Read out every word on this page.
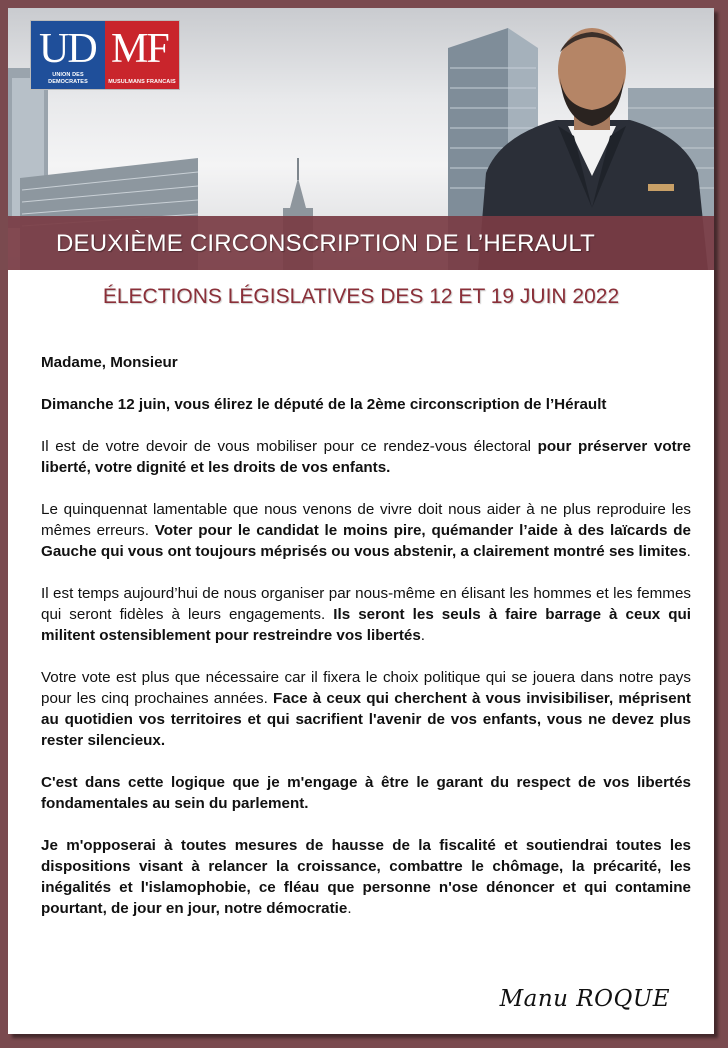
UD
UNION DES DEMOCRATES
MF
MUSULMANS FRANCAIS
DEUXIÈME CIRCONSCRIPTION DE L’HERAULT
ÉLECTIONS LÉGISLATIVES DES 12 ET 19 JUIN 2022

Madame, Monsieur

Dimanche 12 juin, vous élirez le député de la 2ème circonscription de l’Hérault

Il est de votre devoir de vous mobiliser pour ce rendez-vous électoral pour préserver votre liberté, votre dignité et les droits de vos enfants.

Le quinquennat lamentable que nous venons de vivre doit nous aider à ne plus reproduire les mêmes erreurs. Voter pour le candidat le moins pire, quémander l’aide à des laïcards de Gauche qui vous ont toujours méprisés ou vous abstenir, a clairement montré ses limites.

Il est temps aujourd’hui de nous organiser par nous-même en élisant les hommes et les femmes qui seront fidèles à leurs engagements. Ils seront les seuls à faire barrage à ceux qui militent ostensiblement pour restreindre vos libertés.

Votre vote est plus que nécessaire car il fixera le choix politique qui se jouera dans notre pays pour les cinq prochaines années. Face à ceux qui cherchent à vous invisibiliser, méprisent au quotidien vos territoires et qui sacrifient l'avenir de vos enfants, vous ne devez plus rester silencieux.

C'est dans cette logique que je m'engage à être le garant du respect de vos libertés fondamentales au sein du parlement.

Je m'opposerai à toutes mesures de hausse de la fiscalité et soutiendrai toutes les dispositions visant à relancer la croissance, combattre le chômage, la précarité, les inégalités et l'islamophobie, ce fléau que personne n'ose dénoncer et qui contamine pourtant, de jour en jour, notre démocratie.

Manu ROQUE
